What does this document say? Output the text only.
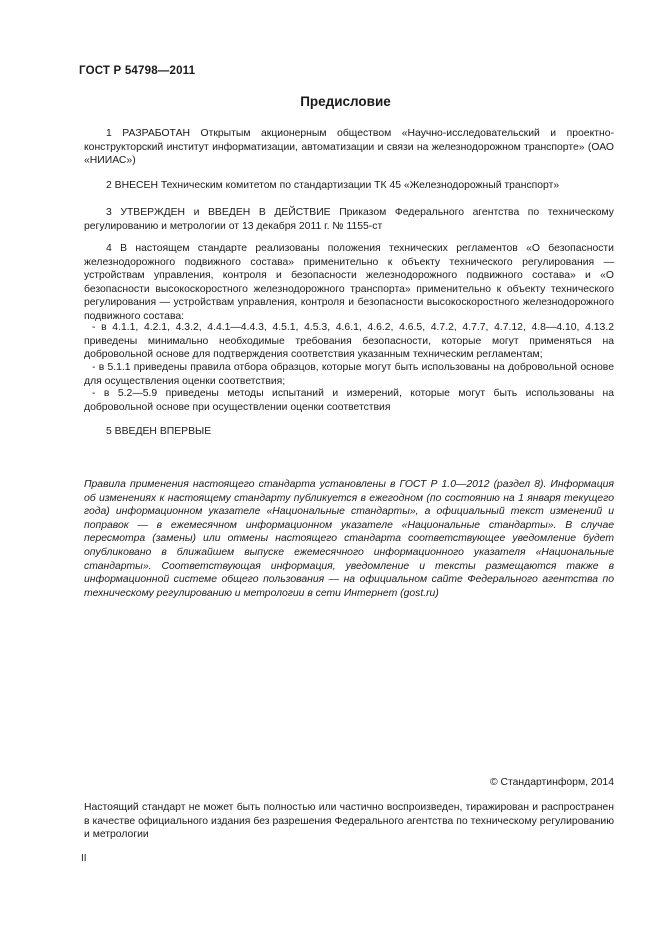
ГОСТ Р 54798—2011
Предисловие
1 РАЗРАБОТАН Открытым акционерным обществом «Научно-исследовательский и проектно-конструкторский институт информатизации, автоматизации и связи на железнодорожном транспорте» (ОАО «НИИАС»)
2 ВНЕСЕН Техническим комитетом по стандартизации ТК 45 «Железнодорожный транспорт»
3 УТВЕРЖДЕН и ВВЕДЕН В ДЕЙСТВИЕ Приказом Федерального агентства по техническому регулированию и метрологии от 13 декабря 2011 г. № 1155-ст
4 В настоящем стандарте реализованы положения технических регламентов «О безопасности железнодорожного подвижного состава» применительно к объекту технического регулирования — устройствам управления, контроля и безопасности железнодорожного подвижного состава» и «О безопасности высокоскоростного железнодорожного транспорта» применительно к объекту технического регулирования — устройствам управления, контроля и безопасности высокоскоростного железнодорожного подвижного состава:
- в 4.1.1, 4.2.1, 4.3.2, 4.4.1—4.4.3, 4.5.1, 4.5.3, 4.6.1, 4.6.2, 4.6.5, 4.7.2, 4.7.7, 4.7.12, 4.8—4.10, 4.13.2 приведены минимально необходимые требования безопасности, которые могут применяться на добровольной основе для подтверждения соответствия указанным техническим регламентам;
- в 5.1.1 приведены правила отбора образцов, которые могут быть использованы на добровольной основе для осуществления оценки соответствия;
- в 5.2—5.9 приведены методы испытаний и измерений, которые могут быть использованы на добровольной основе при осуществлении оценки соответствия
5 ВВЕДЕН ВПЕРВЫЕ
Правила применения настоящего стандарта установлены в ГОСТ Р 1.0—2012 (раздел 8). Информация об изменениях к настоящему стандарту публикуется в ежегодном (по состоянию на 1 января текущего года) информационном указателе «Национальные стандарты», а официальный текст изменений и поправок — в ежемесячном информационном указателе «Национальные стандарты». В случае пересмотра (замены) или отмены настоящего стандарта соответствующее уведомление будет опубликовано в ближайшем выпуске ежемесячного информационного указателя «Национальные стандарты». Соответствующая информация, уведомление и тексты размещаются также в информационной системе общего пользования — на официальном сайте Федерального агентства по техническому регулированию и метрологии в сети Интернет (gost.ru)
© Стандартинформ, 2014
Настоящий стандарт не может быть полностью или частично воспроизведен, тиражирован и распространен в качестве официального издания без разрешения Федерального агентства по техническому регулированию и метрологии
II
